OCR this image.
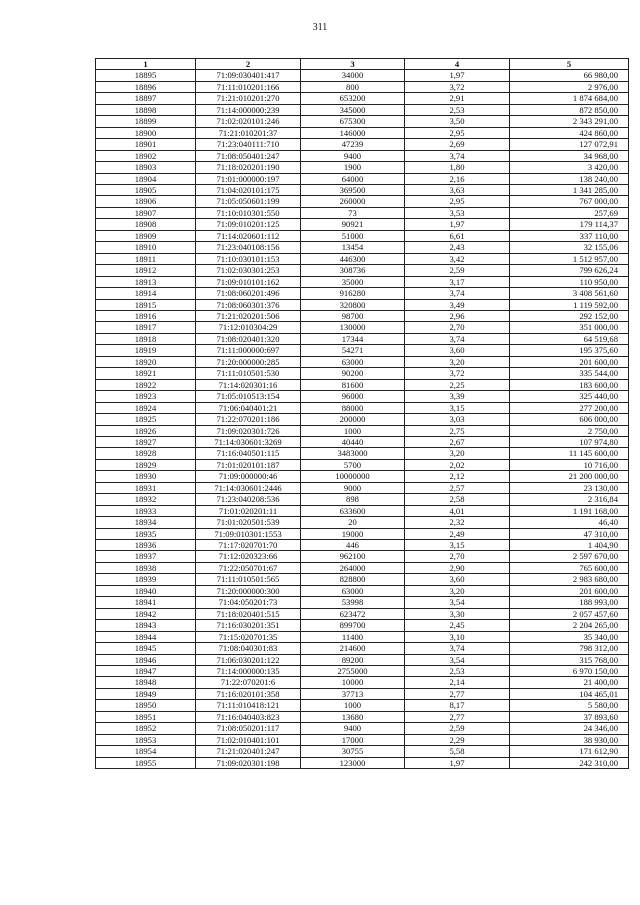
311
1	2	3	4	5
18895	71:09:030401:417	34000	1,97	66 980,00
18896	71:11:010201:166	800	3,72	2 976,00
18897	71:21:010201:270	653200	2,91	1 874 684,00
18898	71:14:000000:239	345000	2,53	872 850,00
18899	71:02:020101:246	675300	3,50	2 343 291,00
18900	71:21:010201:37	146000	2,95	424 860,00
18901	71:23:040111:710	47239	2,69	127 072,91
18902	71:08:050401:247	9400	3,74	34 968,00
18903	71:18:020201:190	1900	1,80	3 420,00
18904	71:01:000000:197	64000	2,16	138 240,00
18905	71:04:020101:175	369500	3,63	1 341 285,00
18906	71:05:050601:199	260000	2,95	767 000,00
18907	71:10:010301:550	73	3,53	257,69
18908	71:09:010201:125	90921	1,97	179 114,37
18909	71:14:020601:112	51000	6,61	337 110,00
18910	71:23:040108:156	13454	2,43	32 155,06
18911	71:10:030101:153	446300	3,42	1 512 957,00
18912	71:02:030301:253	308736	2,59	799 626,24
18913	71:09:010101:162	35000	3,17	110 950,00
18914	71:08:060201:496	916280	3,74	3 408 561,60
18915	71:08:060301:376	320800	3,49	1 119 592,00
18916	71:21:020201:506	98700	2,96	292 152,00
18917	71:12:010304:29	130000	2,70	351 000,00
18918	71:08:020401:320	17344	3,74	64 519,68
18919	71:11:000000:697	54271	3,60	195 375,60
18920	71:20:000000:285	63000	3,20	201 600,00
18921	71:11:010501:530	90200	3,72	335 544,00
18922	71:14:020301:16	81600	2,25	183 600,00
18923	71:05:010513:154	96000	3,39	325 440,00
18924	71:06:040401:21	88000	3,15	277 200,00
18925	71:22:070201:186	200000	3,03	606 000,00
18926	71:09:020301:726	1000	2,75	2 750,00
18927	71:14:030601:3269	40440	2,67	107 974,80
18928	71:16:040501:115	3483000	3,20	11 145 600,00
18929	71:01:020101:187	5700	2,02	10 716,00
18930	71:09:000000:46	10000000	2,12	21 200 000,00
18931	71:14:030601:2446	9000	2,57	23 130,00
18932	71:23:040208:536	898	2,58	2 316,84
18933	71:01:020201:11	633600	4,01	1 191 168,00
18934	71:01:020501:539	20	2,32	46,40
18935	71:09:010301:1553	19000	2,49	47 310,00
18936	71:17:020701:70	446	3,15	1 404,90
18937	71:12:020323:66	962100	2,70	2 597 670,00
18938	71:22:050701:67	264000	2,90	765 600,00
18939	71:11:010501:565	828800	3,60	2 983 680,00
18940	71:20:000000:300	63000	3,20	201 600,00
18941	71:04:050201:73	53998	3,54	188 993,00
18942	71:18:020401:515	623472	3,30	2 057 457,60
18943	71:16:030201:351	899700	2,45	2 204 265,00
18944	71:15:020701:35	11400	3,10	35 340,00
18945	71:08:040301:83	214600	3,74	798 312,00
18946	71:06:030201:122	89200	3,54	315 768,00
18947	71:14:000000:135	2755000	2,53	6 970 150,00
18948	71:22:070201:6	10000	2,14	21 400,00
18949	71:16:020101:358	37713	2,77	104 465,01
18950	71:11:010418:121	1000	8,17	5 580,00
18951	71:16:040403:823	13680	2,77	37 893,60
18952	71:08:050201:117	9400	2,59	24 346,00
18953	71:02:010401:101	17000	2,29	38 930,00
18954	71:21:020401:247	30755	5,58	171 612,90
18955	71:09:020301:198	123000	1,97	242 310,00
